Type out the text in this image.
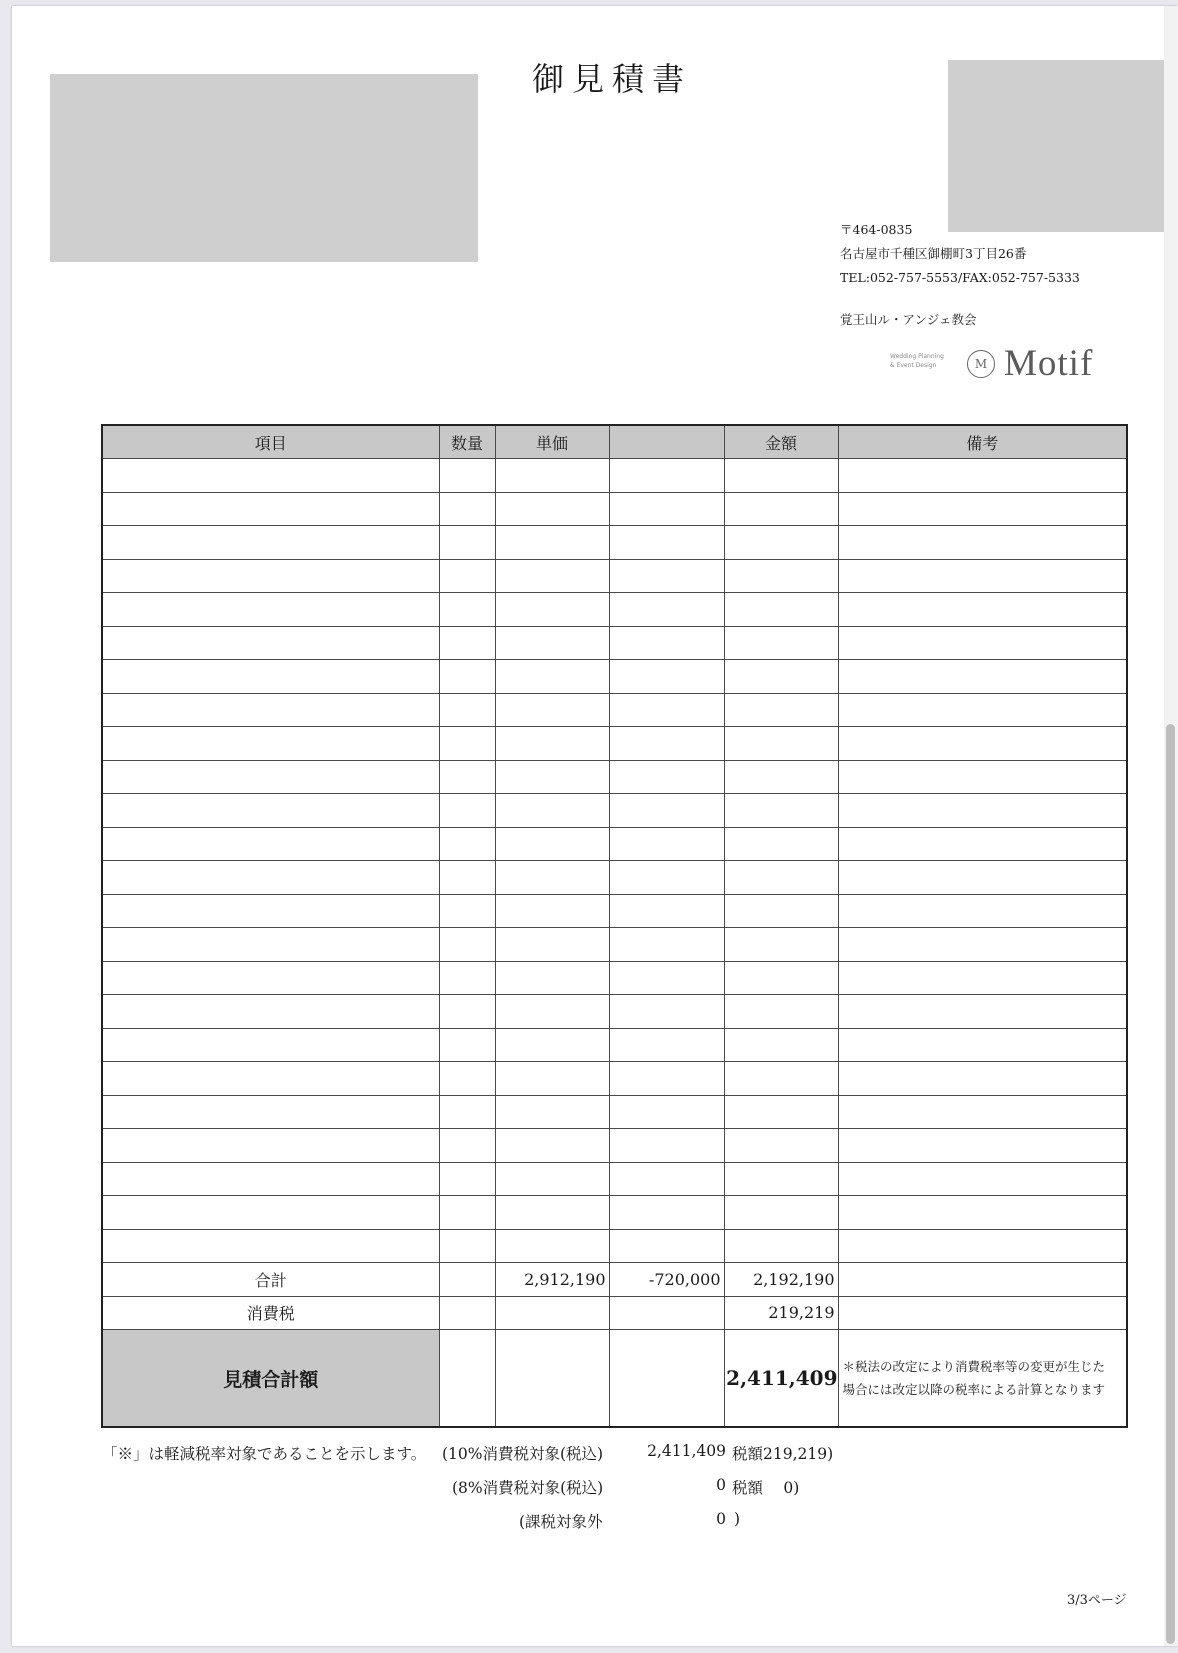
御見積書
〒464-0835
名古屋市千種区御棚町3丁目26番
TEL:052-757-5553/FAX:052-757-5333
覚王山ル・アンジェ教会
Wedding Planning
& Event Design	M Motif
項目	数量	単価		金額	備考

合計		2,912,190	-720,000	2,192,190	
消費税				219,219	
見積合計額				2,411,409	＊税法の改定により消費税率等の変更が生じた
場合には改定以降の税率による計算となります
「※」は軽減税率対象であることを示します。 (10%消費税対象(税込)	2,411,409 税額219,219)
(8%消費税対象(税込)	0 税額　 0)
(課税対象外	0 )
3/3ページ
